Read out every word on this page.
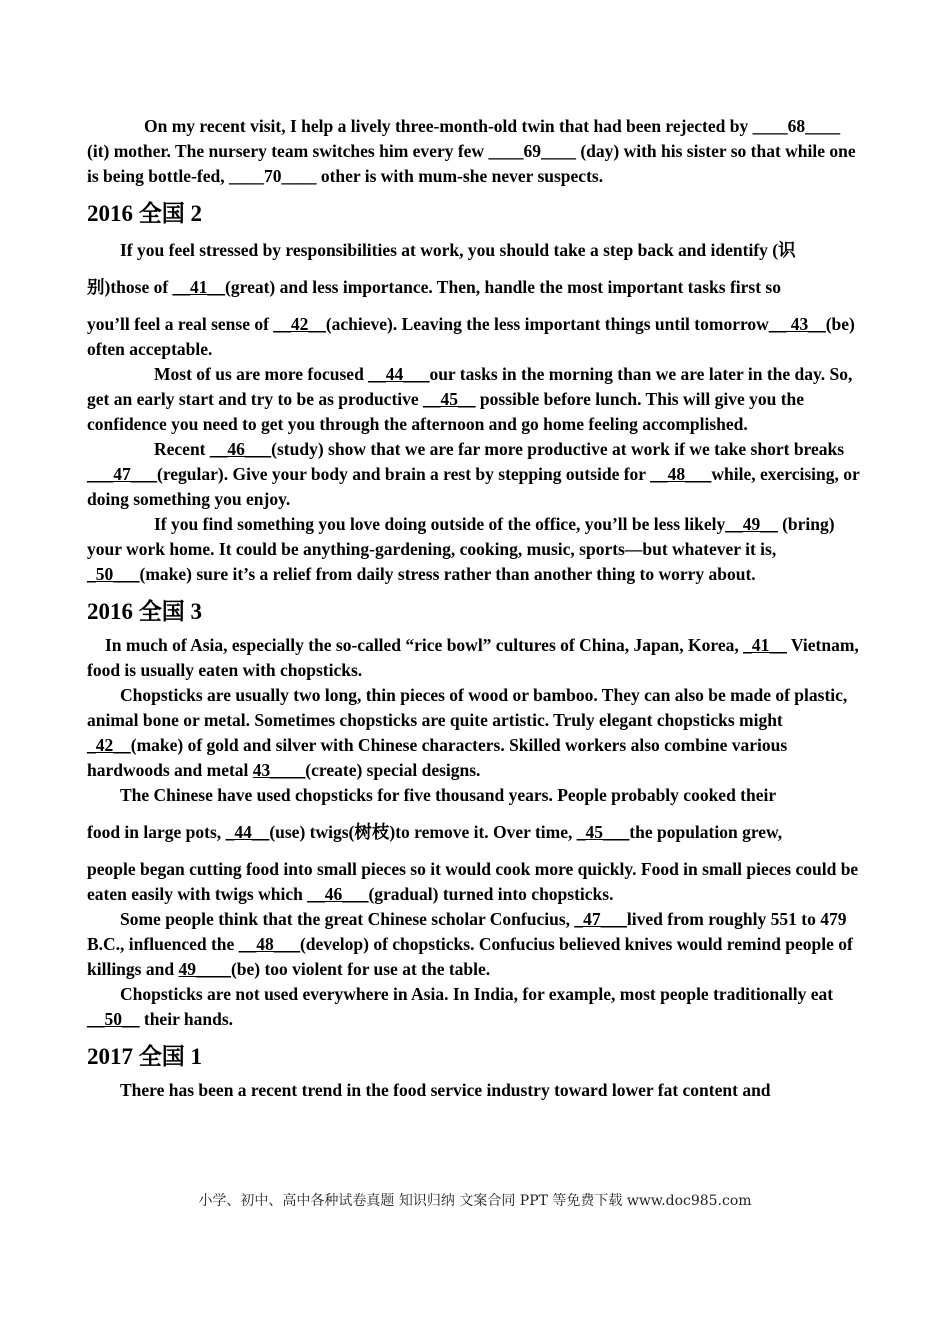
On my recent visit, I help a lively three-month-old twin that had been rejected by ____68____ (it) mother. The nursery team switches him every few ____69____ (day) with his sister so that while one is being bottle-fed, ____70____ other is with mum-she never suspects.

2016 全国 2

If you feel stressed by responsibilities at work, you should take a step back and identify (识

别)those of __41__(great) and less importance. Then, handle the most important tasks first so

you’ll feel a real sense of __42__(achieve). Leaving the less important things until tomorrow__ 43__(be) often acceptable.

Most of us are more focused __44___our tasks in the morning than we are later in the day. So, get an early start and try to be as productive __45__ possible before lunch. This will give you the confidence you need to get you through the afternoon and go home feeling accomplished.

Recent __46___(study) show that we are far more productive at work if we take short breaks ___47___(regular). Give your body and brain a rest by stepping outside for __48___while, exercising, or doing something you enjoy.

If you find something you love doing outside of the office, you’ll be less likely__49__ (bring) your work home. It could be anything-gardening, cooking, music, sports—but whatever it is, _50___(make) sure it’s a relief from daily stress rather than another thing to worry about.

2016 全国 3

In much of Asia, especially the so-called “rice bowl” cultures of China, Japan, Korea, _41__ Vietnam, food is usually eaten with chopsticks.

Chopsticks are usually two long, thin pieces of wood or bamboo. They can also be made of plastic, animal bone or metal. Sometimes chopsticks are quite artistic. Truly elegant chopsticks might _42__(make) of gold and silver with Chinese characters. Skilled workers also combine various hardwoods and metal 43____(create) special designs.

The Chinese have used chopsticks for five thousand years. People probably cooked their

food in large pots, _44__(use) twigs(树枝)to remove it. Over time, _45___the population grew,

people began cutting food into small pieces so it would cook more quickly. Food in small pieces could be eaten easily with twigs which __46___(gradual) turned into chopsticks.

Some people think that the great Chinese scholar Confucius, _47___lived from roughly 551 to 479 B.C., influenced the __48___(develop) of chopsticks. Confucius believed knives would remind people of killings and 49____(be) too violent for use at the table.

Chopsticks are not used everywhere in Asia. In India, for example, most people traditionally eat __50__ their hands.

2017 全国 1

There has been a recent trend in the food service industry toward lower fat content and

小学、初中、高中各种试卷真题 知识归纳 文案合同 PPT 等免费下载 www.doc985.com
